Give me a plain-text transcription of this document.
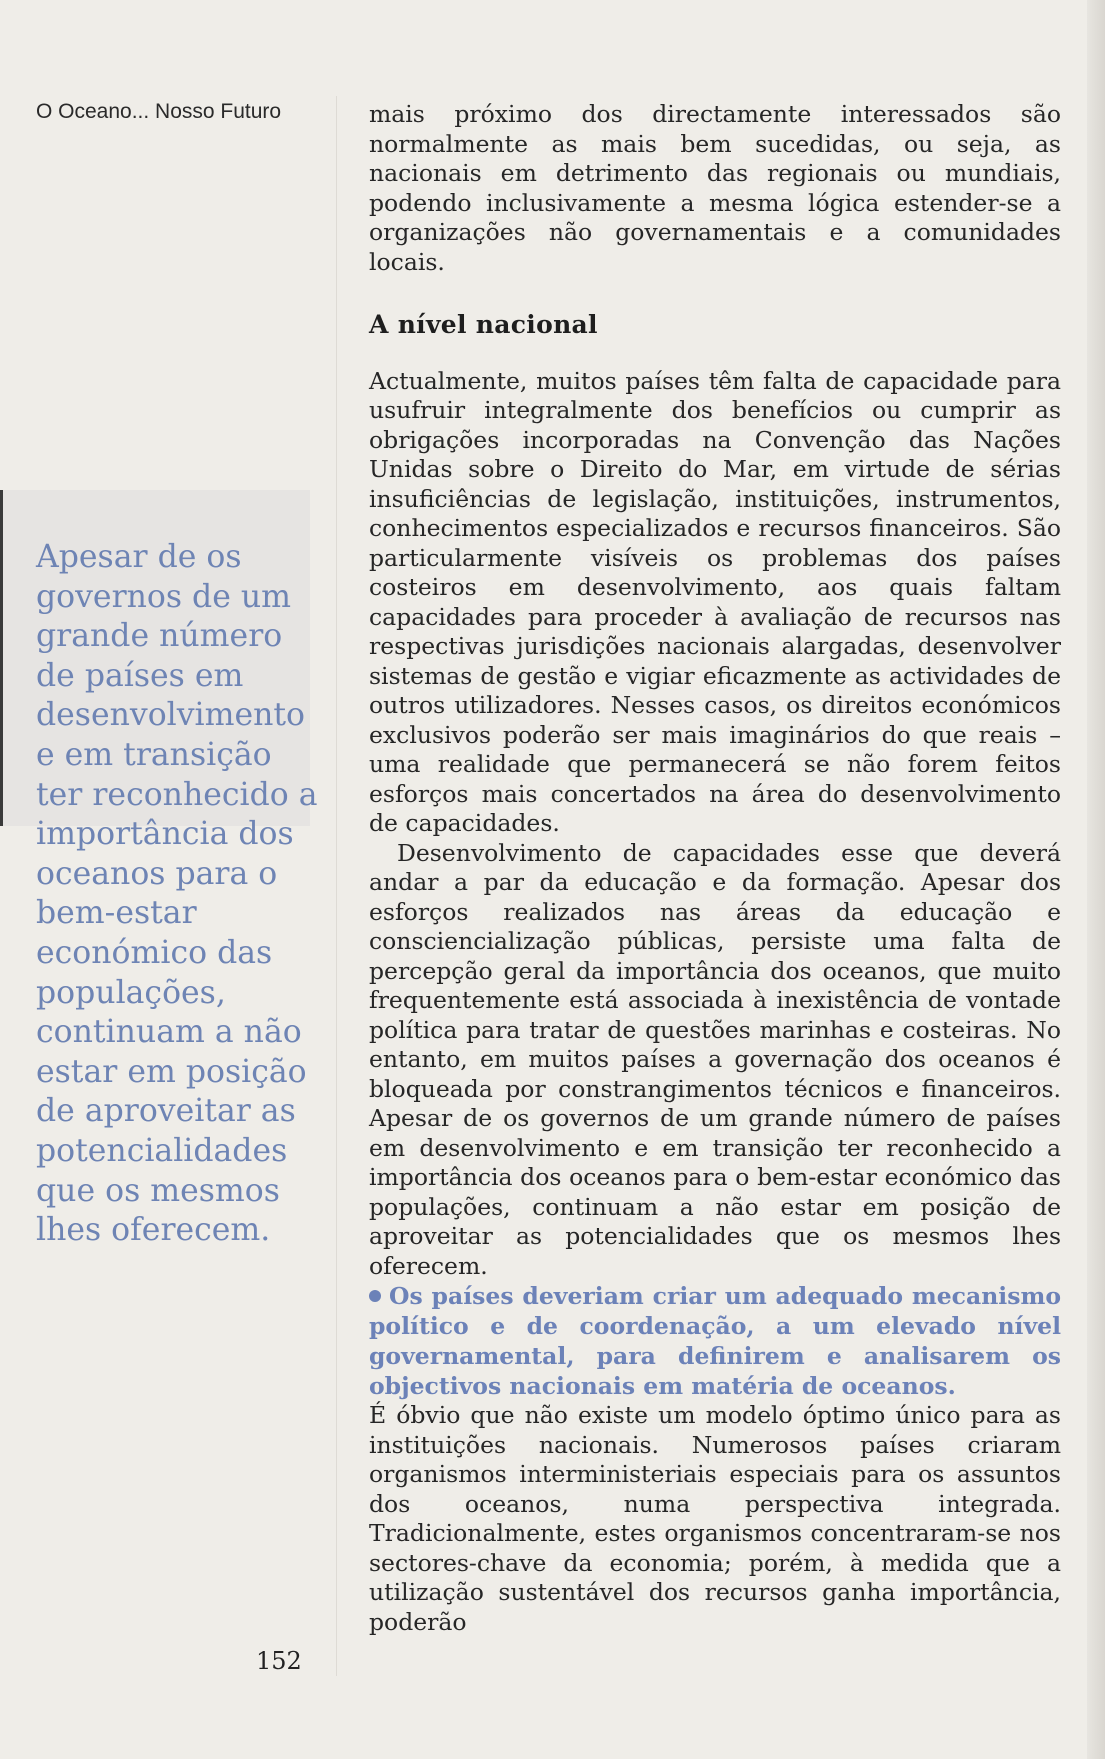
O Oceano... Nosso Futuro

Apesar de os governos de um grande número de países em desenvolvimento e em transição ter reconhecido a importância dos oceanos para o bem-estar económico das populações, continuam a não estar em posição de aproveitar as potencialidades que os mesmos lhes oferecem.

152

mais próximo dos directamente interessados são normalmente as mais bem sucedidas, ou seja, as nacionais em detrimento das regionais ou mundiais, podendo inclusivamente a mesma lógica estender-se a organizações não governamentais e a comunidades locais.

A nível nacional

Actualmente, muitos países têm falta de capacidade para usufruir integralmente dos benefícios ou cumprir as obrigações incorporadas na Convenção das Nações Unidas sobre o Direito do Mar, em virtude de sérias insuficiências de legislação, instituições, instrumentos, conhecimentos especializados e recursos financeiros. São particularmente visíveis os problemas dos países costeiros em desenvolvimento, aos quais faltam capacidades para proceder à avaliação de recursos nas respectivas jurisdições nacionais alargadas, desenvolver sistemas de gestão e vigiar eficazmente as actividades de outros utilizadores. Nesses casos, os direitos económicos exclusivos poderão ser mais imaginários do que reais – uma realidade que permanecerá se não forem feitos esforços mais concertados na área do desenvolvimento de capacidades.

Desenvolvimento de capacidades esse que deverá andar a par da educação e da formação. Apesar dos esforços realizados nas áreas da educação e consciencialização públicas, persiste uma falta de percepção geral da importância dos oceanos, que muito frequentemente está associada à inexistência de vontade política para tratar de questões marinhas e costeiras. No entanto, em muitos países a governação dos oceanos é bloqueada por constrangimentos técnicos e financeiros. Apesar de os governos de um grande número de países em desenvolvimento e em transição ter reconhecido a importância dos oceanos para o bem-estar económico das populações, continuam a não estar em posição de aproveitar as potencialidades que os mesmos lhes oferecem.

Os países deveriam criar um adequado mecanismo político e de coordenação, a um elevado nível governamental, para definirem e analisarem os objectivos nacionais em matéria de oceanos.

É óbvio que não existe um modelo óptimo único para as instituições nacionais. Numerosos países criaram organismos interministeriais especiais para os assuntos dos oceanos, numa perspectiva integrada. Tradicionalmente, estes organismos concentraram-se nos sectores-chave da economia; porém, à medida que a utilização sustentável dos recursos ganha importância, poderão
